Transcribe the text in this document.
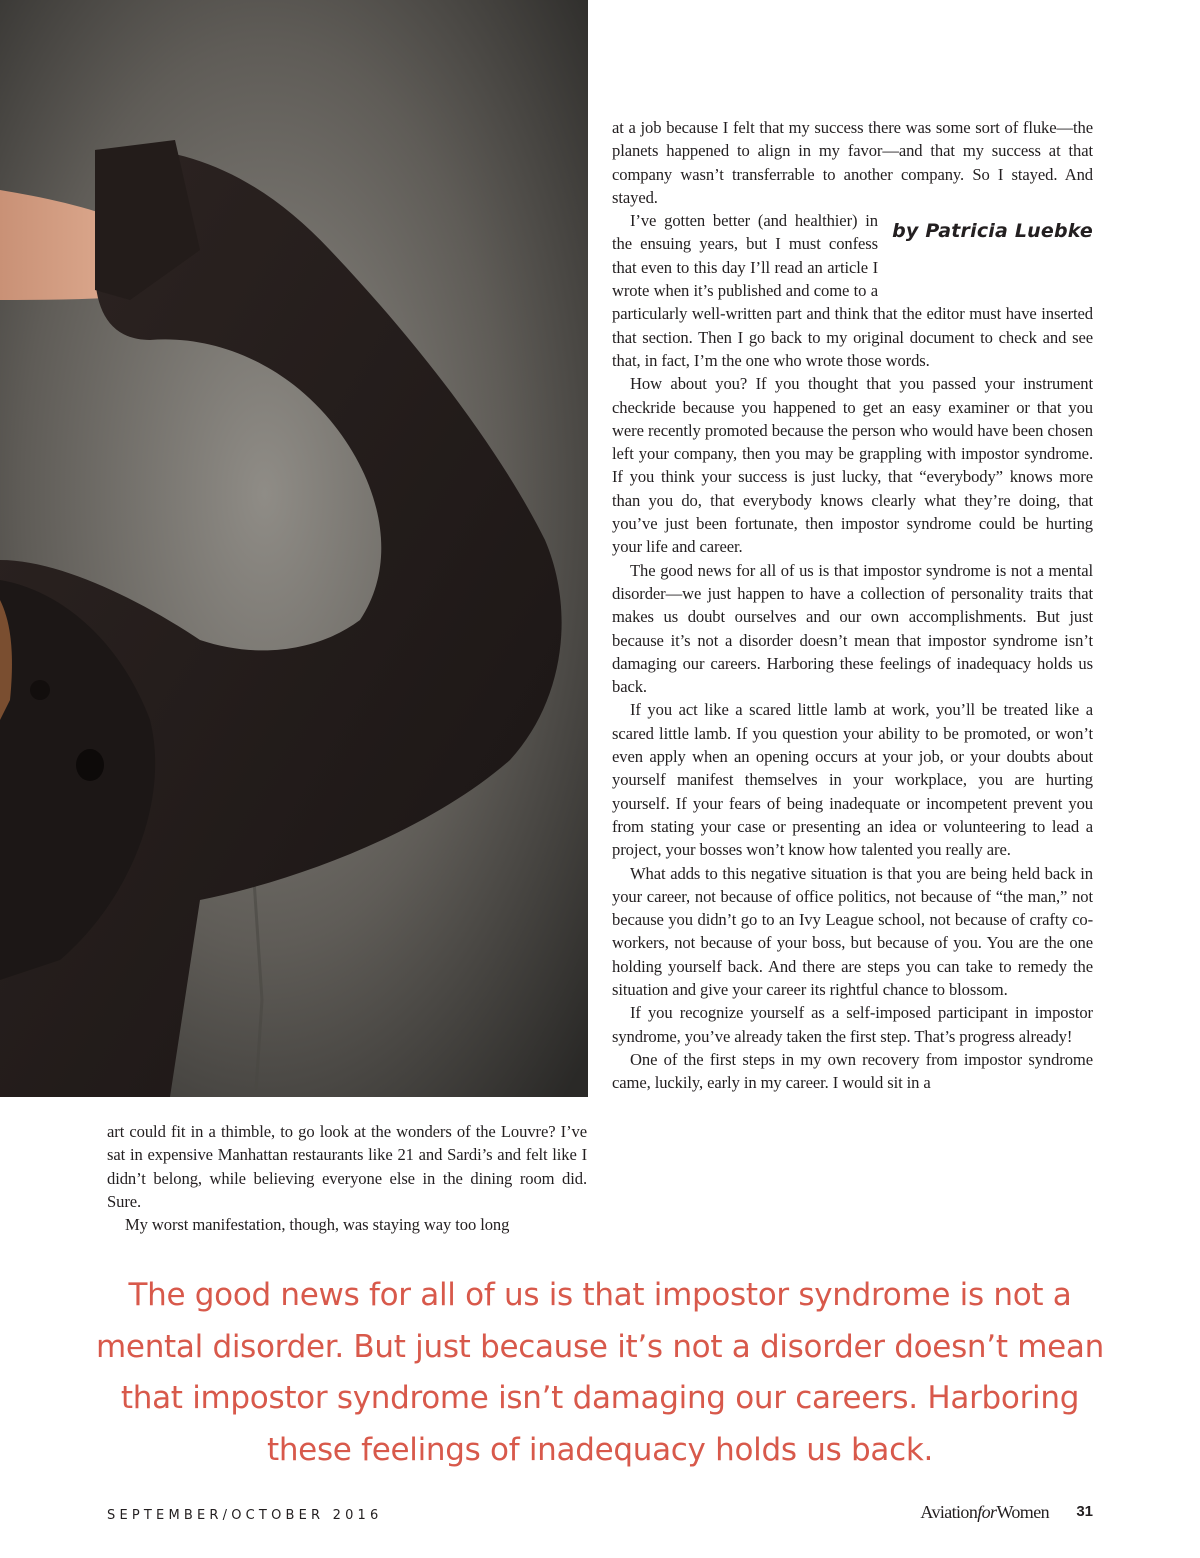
art could fit in a thimble, to go look at the wonders of the Louvre? I’ve sat in expensive Manhattan restaurants like 21 and Sardi’s and felt like I didn’t belong, while believing everyone else in the dining room did. Sure.

My worst manifestation, though, was staying way too long

at a job because I felt that my success there was some sort of fluke—the planets happened to align in my favor—and that my success at that company wasn’t transferrable to another company. So I stayed. And stayed.

by Patricia Luebke

I’ve gotten better (and healthier) in the ensuing years, but I must confess that even to this day I’ll read an article I wrote when it’s published and come to a particularly well-written part and think that the editor must have inserted that section. Then I go back to my original document to check and see that, in fact, I’m the one who wrote those words.

How about you? If you thought that you passed your instrument checkride because you happened to get an easy examiner or that you were recently promoted because the person who would have been chosen left your company, then you may be grappling with impostor syndrome. If you think your success is just lucky, that “everybody” knows more than you do, that everybody knows clearly what they’re doing, that you’ve just been fortunate, then impostor syndrome could be hurting your life and career.

The good news for all of us is that impostor syndrome is not a mental disorder—we just happen to have a collection of personality traits that makes us doubt ourselves and our own accomplishments. But just because it’s not a disorder doesn’t mean that impostor syndrome isn’t damaging our careers. Harboring these feelings of inadequacy holds us back.

If you act like a scared little lamb at work, you’ll be treated like a scared little lamb. If you question your ability to be promoted, or won’t even apply when an opening occurs at your job, or your doubts about yourself manifest themselves in your workplace, you are hurting yourself. If your fears of being inadequate or incompetent prevent you from stating your case or presenting an idea or volunteering to lead a project, your bosses won’t know how talented you really are.

What adds to this negative situation is that you are being held back in your career, not because of office politics, not because of “the man,” not because you didn’t go to an Ivy League school, not because of crafty co-workers, not because of your boss, but because of you. You are the one holding yourself back. And there are steps you can take to remedy the situation and give your career its rightful chance to blossom.

If you recognize yourself as a self-imposed participant in impostor syndrome, you’ve already taken the first step. That’s progress already!

One of the first steps in my own recovery from impostor syndrome came, luckily, early in my career. I would sit in a

The good news for all of us is that impostor syndrome is not a mental disorder. But just because it’s not a disorder doesn’t mean that impostor syndrome isn’t damaging our careers. Harboring these feelings of inadequacy holds us back.
SEPTEMBER/OCTOBER 2016	AviationforWomen 31
